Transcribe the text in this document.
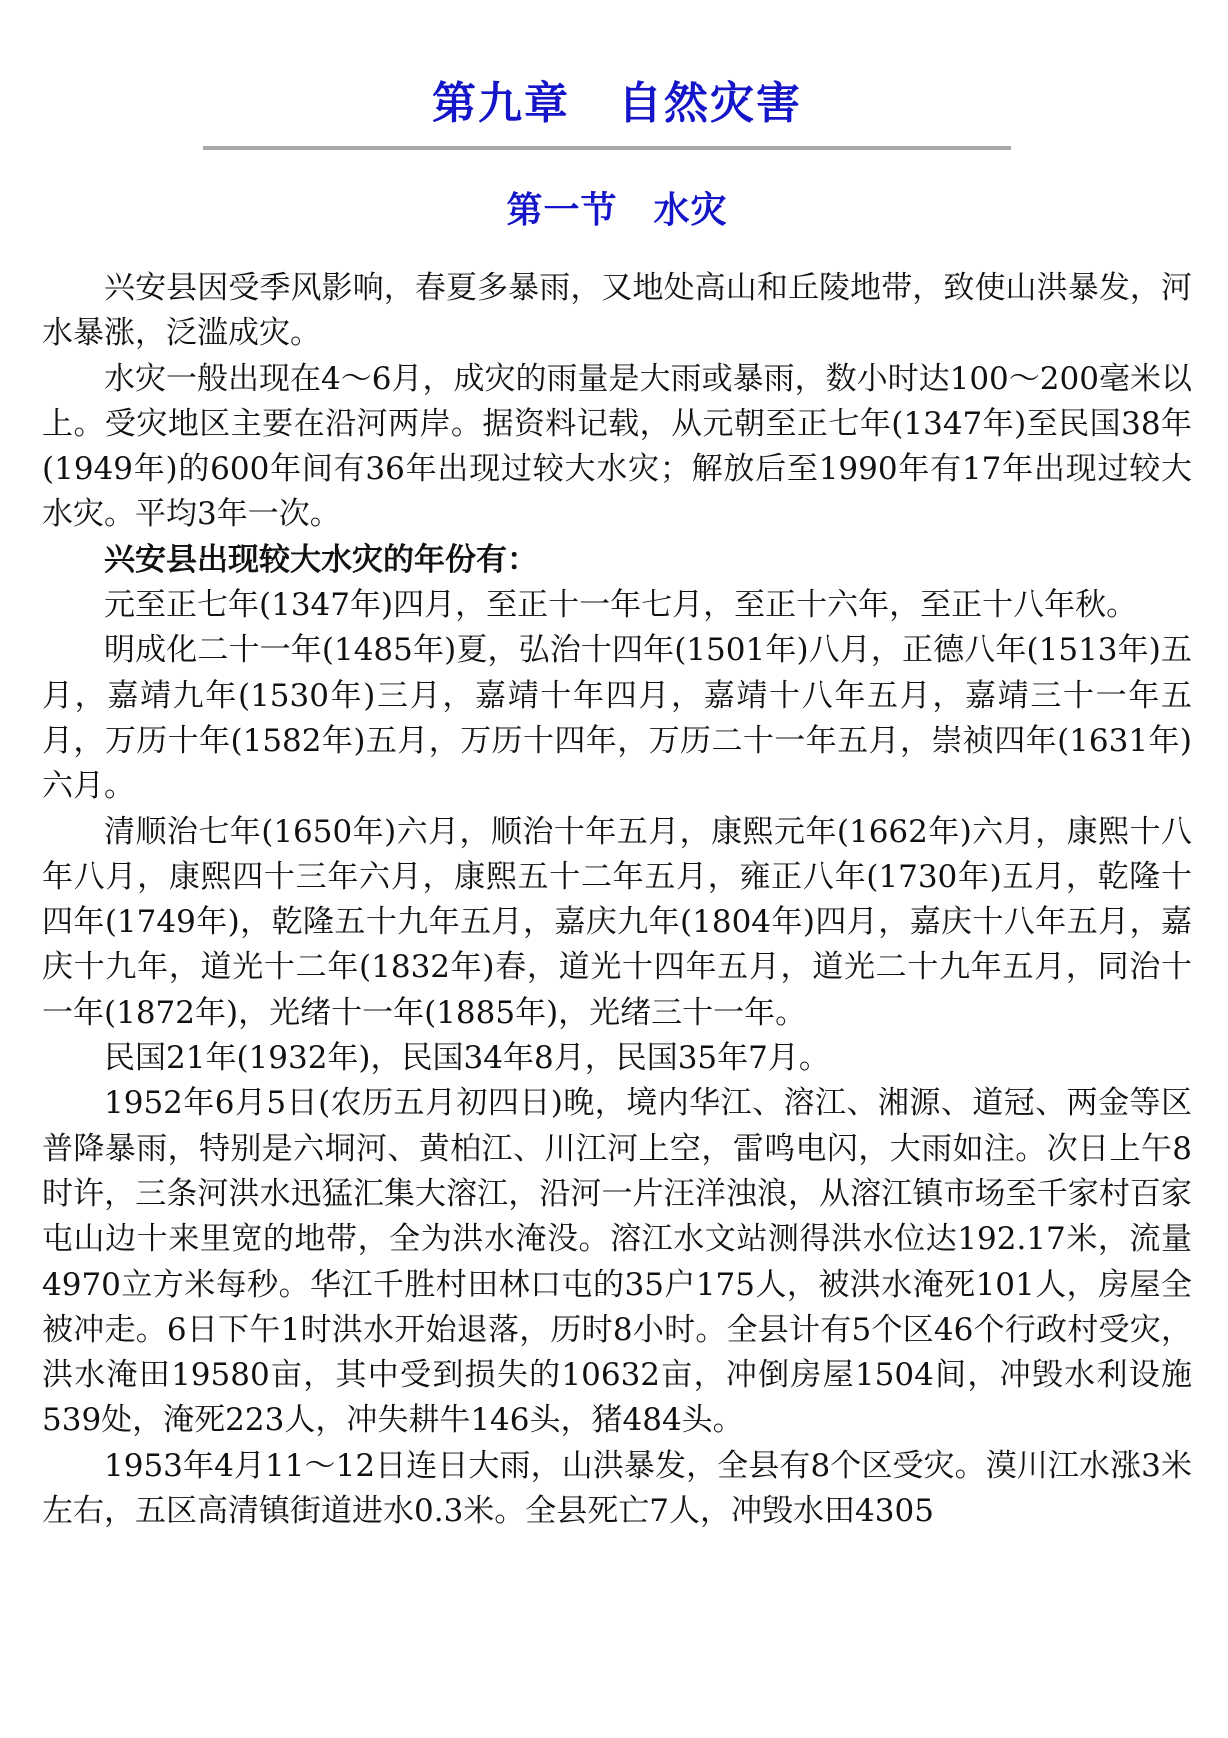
第九章 自然灾害
第一节 水灾

兴安县因受季风影响，春夏多暴雨，又地处高山和丘陵地带，致使山洪暴发，河水暴涨，泛滥成灾。

水灾一般出现在4～6月，成灾的雨量是大雨或暴雨，数小时达100～200毫米以上。受灾地区主要在沿河两岸。据资料记载，从元朝至正七年(1347年)至民国38年(1949年)的600年间有36年出现过较大水灾；解放后至1990年有17年出现过较大水灾。平均3年一次。

兴安县出现较大水灾的年份有：

元至正七年(1347年)四月，至正十一年七月，至正十六年，至正十八年秋。

明成化二十一年(1485年)夏，弘治十四年(1501年)八月，正德八年(1513年)五月，嘉靖九年(1530年)三月，嘉靖十年四月，嘉靖十八年五月，嘉靖三十一年五月，万历十年(1582年)五月，万历十四年，万历二十一年五月，崇祯四年(1631年)六月。

清顺治七年(1650年)六月，顺治十年五月，康熙元年(1662年)六月，康熙十八年八月，康熙四十三年六月，康熙五十二年五月，雍正八年(1730年)五月，乾隆十四年(1749年)，乾隆五十九年五月，嘉庆九年(1804年)四月，嘉庆十八年五月，嘉庆十九年，道光十二年(1832年)春，道光十四年五月，道光二十九年五月，同治十一年(1872年)，光绪十一年(1885年)，光绪三十一年。

民国21年(1932年)，民国34年8月，民国35年7月。

1952年6月5日(农历五月初四日)晚，境内华江、溶江、湘源、道冠、两金等区普降暴雨，特别是六垌河、黄柏江、川江河上空，雷鸣电闪，大雨如注。次日上午8时许，三条河洪水迅猛汇集大溶江，沿河一片汪洋浊浪，从溶江镇市场至千家村百家屯山边十来里宽的地带，全为洪水淹没。溶江水文站测得洪水位达192.17米，流量4970立方米每秒。华江千胜村田林口屯的35户175人，被洪水淹死101人，房屋全被冲走。6日下午1时洪水开始退落，历时8小时。全县计有5个区46个行政村受灾，洪水淹田19580亩，其中受到损失的10632亩，冲倒房屋1504间，冲毁水利设施539处，淹死223人，冲失耕牛146头，猪484头。

1953年4月11～12日连日大雨，山洪暴发，全县有8个区受灾。漠川江水涨3米左右，五区高清镇街道进水0.3米。全县死亡7人，冲毁水田4305
